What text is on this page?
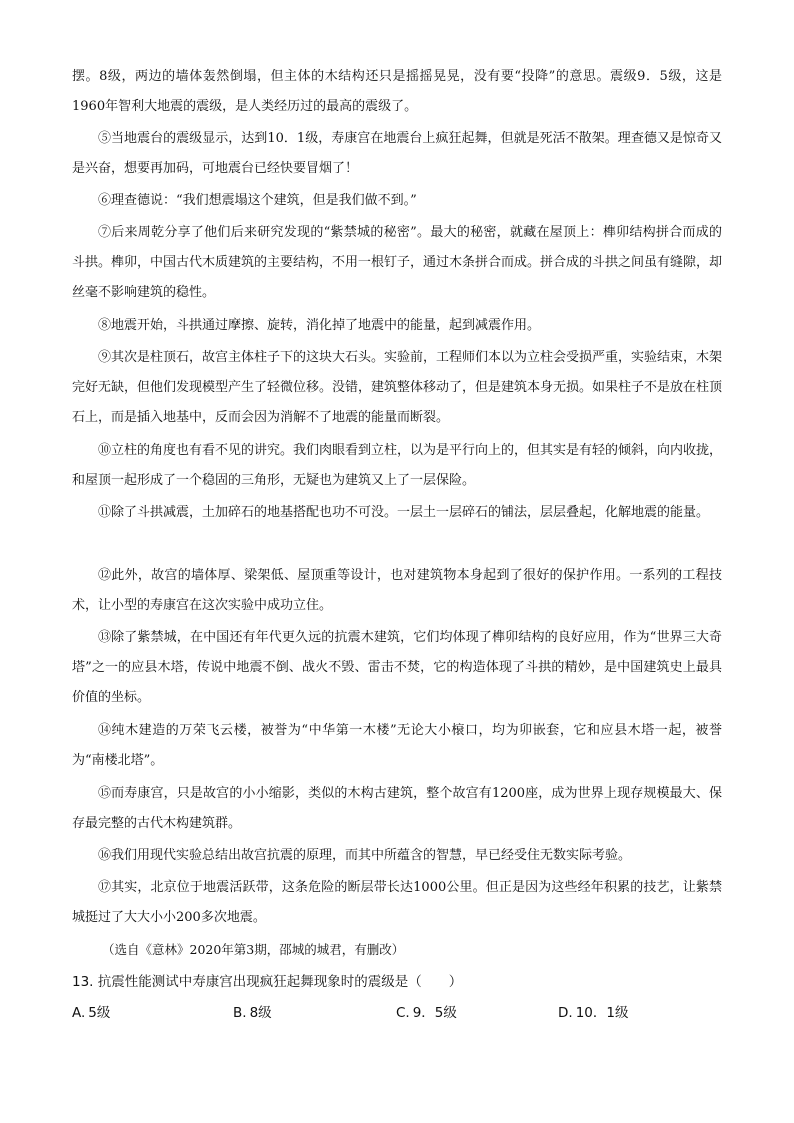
摆。8级，两边的墙体轰然倒塌，但主体的木结构还只是摇摇晃晃，没有要“投降”的意思。震级9．5级，这是1960年智利大地震的震级，是人类经历过的最高的震级了。

⑤当地震台的震级显示，达到10．1级，寿康宫在地震台上疯狂起舞，但就是死活不散架。理查德又是惊奇又是兴奋，想要再加码，可地震台已经快要冒烟了！

⑥理查德说：“我们想震塌这个建筑，但是我们做不到。”

⑦后来周乾分享了他们后来研究发现的“紫禁城的秘密”。最大的秘密，就藏在屋顶上：榫卯结构拼合而成的斗拱。榫卯，中国古代木质建筑的主要结构，不用一根钉子，通过木条拼合而成。拼合成的斗拱之间虽有缝隙，却丝毫不影响建筑的稳性。

⑧地震开始，斗拱通过摩擦、旋转，消化掉了地震中的能量，起到减震作用。

⑨其次是柱顶石，故宫主体柱子下的这块大石头。实验前，工程师们本以为立柱会受损严重，实验结束，木架完好无缺，但他们发现模型产生了轻微位移。没错，建筑整体移动了，但是建筑本身无损。如果柱子不是放在柱顶石上，而是插入地基中，反而会因为消解不了地震的能量而断裂。

⑩立柱的角度也有看不见的讲究。我们肉眼看到立柱，以为是平行向上的，但其实是有轻的倾斜，向内收拢，和屋顶一起形成了一个稳固的三角形，无疑也为建筑又上了一层保险。

⑪除了斗拱减震，土加碎石的地基搭配也功不可没。一层土一层碎石的铺法，层层叠起，化解地震的能量。

⑫此外，故宫的墙体厚、梁架低、屋顶重等设计，也对建筑物本身起到了很好的保护作用。一系列的工程技术，让小型的寿康宫在这次实验中成功立住。

⑬除了紫禁城，在中国还有年代更久远的抗震木建筑，它们均体现了榫卯结构的良好应用，作为“世界三大奇塔”之一的应县木塔，传说中地震不倒、战火不毁、雷击不焚，它的构造体现了斗拱的精妙，是中国建筑史上最具价值的坐标。

⑭纯木建造的万荣飞云楼，被誉为“中华第一木楼”无论大小榱口，均为卯嵌套，它和应县木塔一起，被誉为“南楼北塔”。

⑮而寿康宫，只是故宫的小小缩影，类似的木构古建筑，整个故宫有1200座，成为世界上现存规模最大、保存最完整的古代木构建筑群。

⑯我们用现代实验总结出故宫抗震的原理，而其中所蕴含的智慧，早已经受住无数实际考验。

⑰其实，北京位于地震活跃带，这条危险的断层带长达1000公里。但正是因为这些经年积累的技艺，让紫禁城挺过了大大小小200多次地震。

（选自《意林》2020年第3期，邵城的城君，有删改）

13. 抗震性能测试中寿康宫出现疯狂起舞现象时的震级是（　　）

A. 5级	B. 8级	C. 9．5级	D. 10．1级
